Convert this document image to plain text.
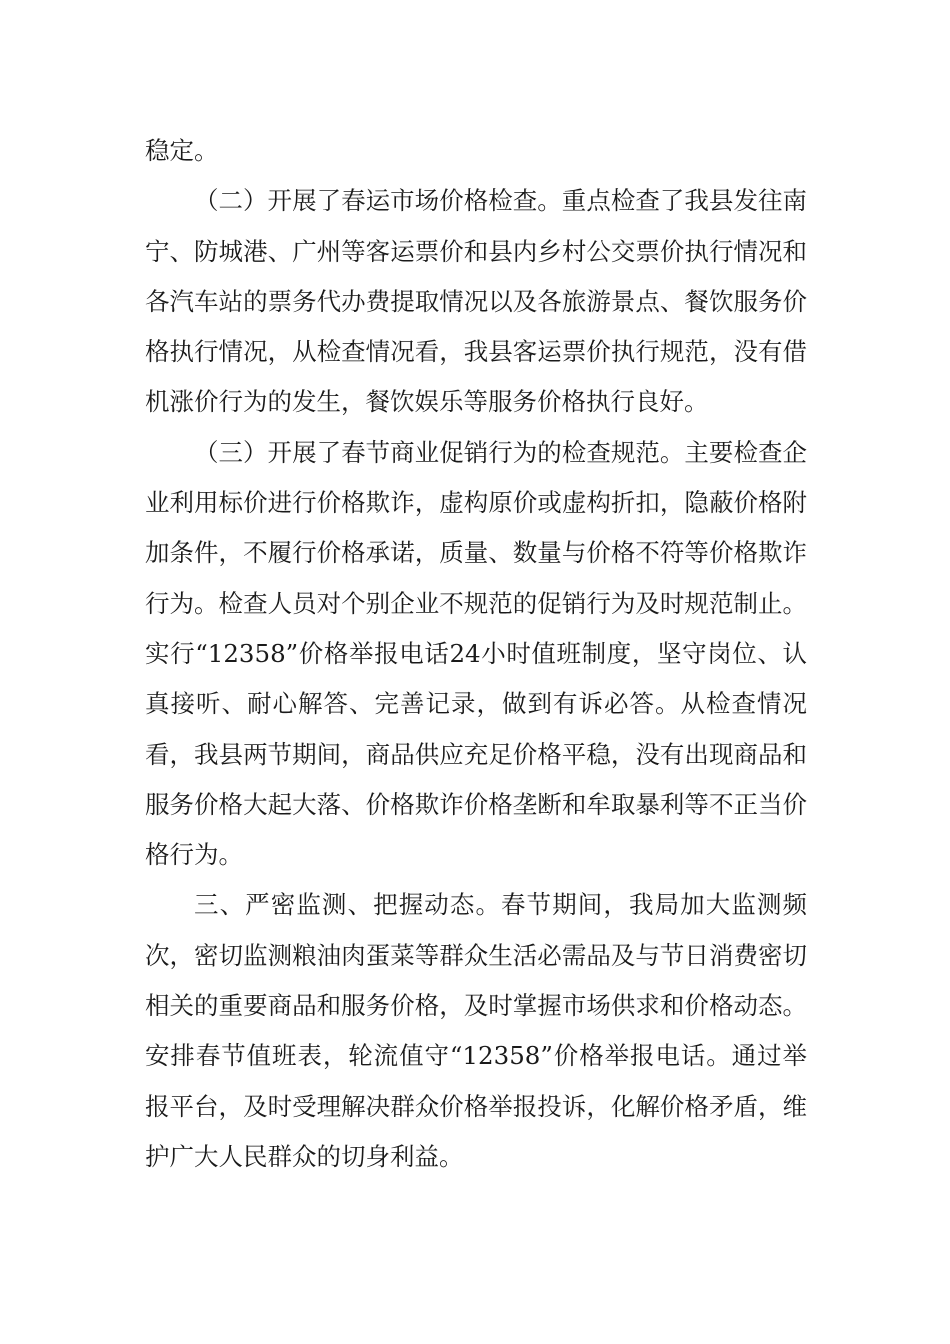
稳定。

（二）开展了春运市场价格检查。重点检查了我县发往南宁、防城港、广州等客运票价和县内乡村公交票价执行情况和各汽车站的票务代办费提取情况以及各旅游景点、餐饮服务价格执行情况，从检查情况看，我县客运票价执行规范，没有借机涨价行为的发生，餐饮娱乐等服务价格执行良好。

（三）开展了春节商业促销行为的检查规范。主要检查企业利用标价进行价格欺诈，虚构原价或虚构折扣，隐蔽价格附加条件，不履行价格承诺，质量、数量与价格不符等价格欺诈行为。检查人员对个别企业不规范的促销行为及时规范制止。实行“12358”价格举报电话24小时值班制度，坚守岗位、认真接听、耐心解答、完善记录，做到有诉必答。从检查情况看，我县两节期间，商品供应充足价格平稳，没有出现商品和服务价格大起大落、价格欺诈价格垄断和牟取暴利等不正当价格行为。

三、严密监测、把握动态。春节期间，我局加大监测频次，密切监测粮油肉蛋菜等群众生活必需品及与节日消费密切相关的重要商品和服务价格，及时掌握市场供求和价格动态。安排春节值班表，轮流值守“12358”价格举报电话。通过举报平台，及时受理解决群众价格举报投诉，化解价格矛盾，维护广大人民群众的切身利益。
